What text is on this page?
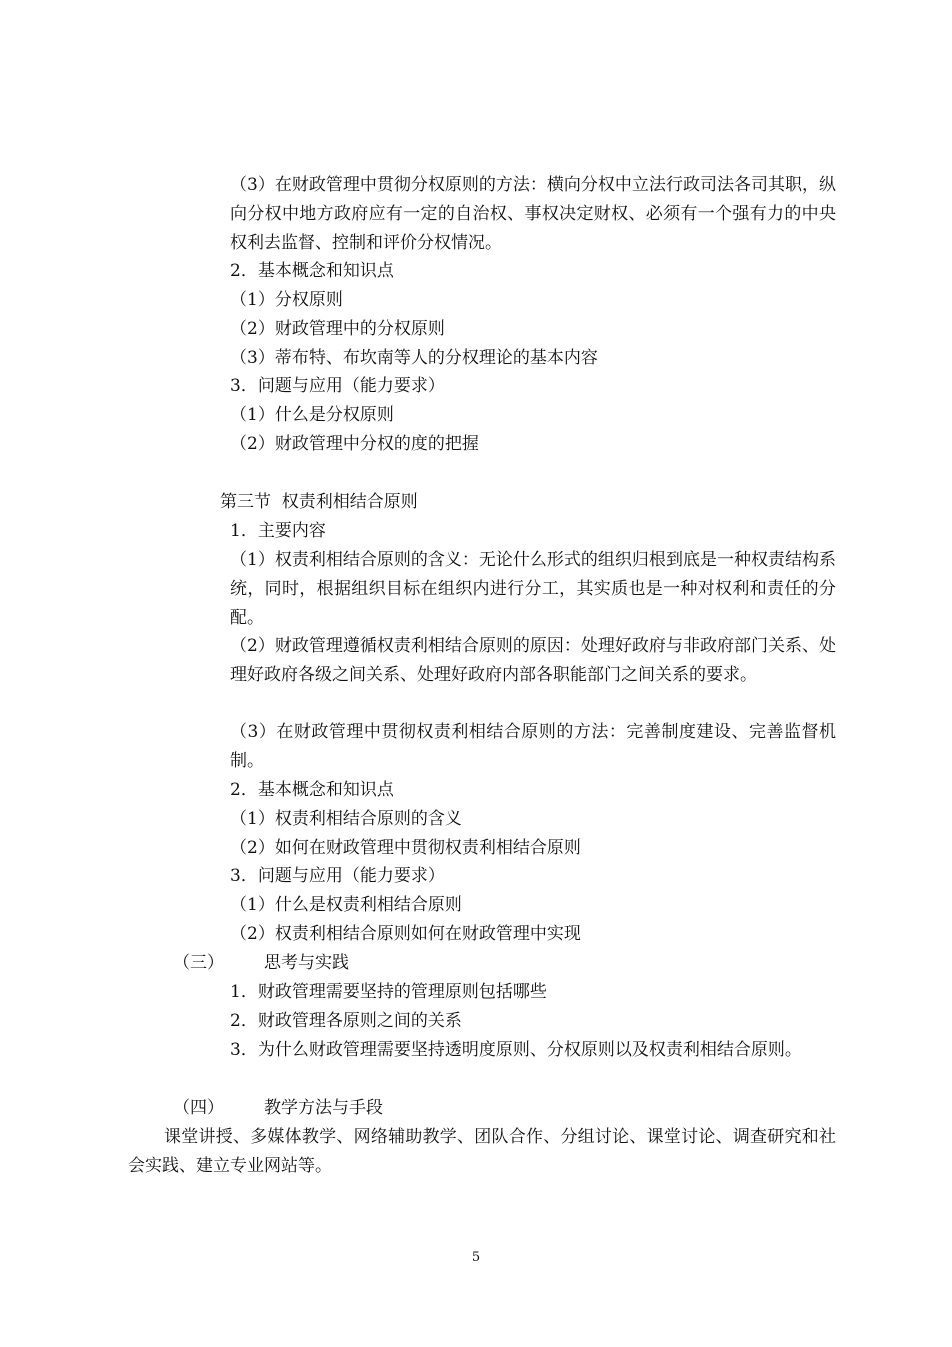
（3）在财政管理中贯彻分权原则的方法：横向分权中立法行政司法各司其职，纵向分权中地方政府应有一定的自治权、事权决定财权、必须有一个强有力的中央权利去监督、控制和评价分权情况。
2．基本概念和知识点
（1）分权原则
（2）财政管理中的分权原则
（3）蒂布特、布坎南等人的分权理论的基本内容
3．问题与应用（能力要求）
（1）什么是分权原则
（2）财政管理中分权的度的把握
第三节  权责利相结合原则
1．主要内容
（1）权责利相结合原则的含义：无论什么形式的组织归根到底是一种权责结构系统，同时，根据组织目标在组织内进行分工，其实质也是一种对权利和责任的分配。
（2）财政管理遵循权责利相结合原则的原因：处理好政府与非政府部门关系、处理好政府各级之间关系、处理好政府内部各职能部门之间关系的要求。
（3）在财政管理中贯彻权责利相结合原则的方法：完善制度建设、完善监督机制。
2．基本概念和知识点
（1）权责利相结合原则的含义
（2）如何在财政管理中贯彻权责利相结合原则
3．问题与应用（能力要求）
（1）什么是权责利相结合原则
（2）权责利相结合原则如何在财政管理中实现
（三） 思考与实践
1．财政管理需要坚持的管理原则包括哪些
2．财政管理各原则之间的关系
3．为什么财政管理需要坚持透明度原则、分权原则以及权责利相结合原则。
（四） 教学方法与手段
课堂讲授、多媒体教学、网络辅助教学、团队合作、分组讨论、课堂讨论、调查研究和社会实践、建立专业网站等。
5
